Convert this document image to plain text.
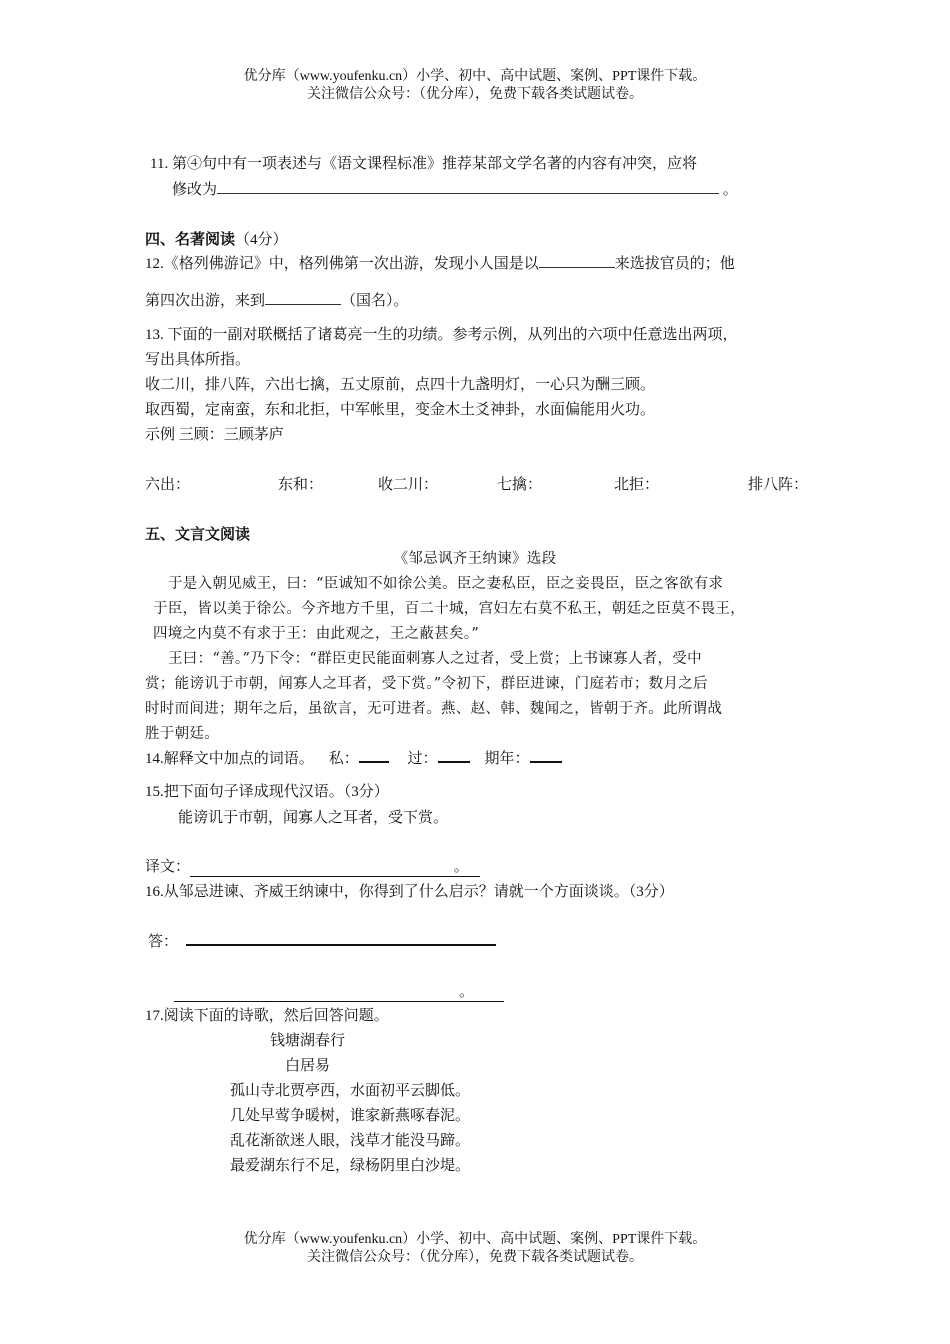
优分库（www.youfenku.cn）小学、初中、高中试题、案例、PPT课件下载。
关注微信公众号：（优分库），免费下载各类试题试卷。
11. 第④句中有一项表述与《语文课程标准》推荐某部文学名著的内容有冲突，应将
修改为	。
四、名著阅读（4分）
12.《格列佛游记》中，格列佛第一次出游，发现小人国是以	来选拔官员的；他
第四次出游，来到	（国名）。
13. 下面的一副对联概括了诸葛亮一生的功绩。参考示例，从列出的六项中任意选出两项，
写出具体所指。
收二川，排八阵，六出七擒，五丈原前，点四十九盏明灯，一心只为酬三顾。
取西蜀，定南蛮，东和北拒，中军帐里，变金木土爻神卦，水面偏能用火功。
示例 三顾：三顾茅庐
六出：	东和：	收二川：	七擒：	北拒：	排八阵：
五、文言文阅读
《邹忌讽齐王纳谏》选段
于是入朝见威王，曰：“臣诚知不如徐公美。臣之妻私臣，臣之妾畏臣，臣之客欲有求
于臣，皆以美于徐公。今齐地方千里，百二十城，宫妇左右莫不私王，朝廷之臣莫不畏王，
四境之内莫不有求于王：由此观之，王之蔽甚矣。”
王曰：“善。”乃下令：“群臣吏民能面刺寡人之过者，受上赏；上书谏寡人者，受中
赏；能谤讥于市朝，闻寡人之耳者，受下赏。”令初下，群臣进谏，门庭若市；数月之后
时时而间进；期年之后，虽欲言，无可进者。燕、赵、韩、魏闻之，皆朝于齐。此所谓战
胜于朝廷。
14.解释文中加点的词语。 私：	过：	期年：
15.把下面句子译成现代汉语。（3分）
能谤讥于市朝，闻寡人之耳者，受下赏。
译文：	。
16.从邹忌进谏、齐威王纳谏中，你得到了什么启示？请就一个方面谈谈。（3分）
答：
。
17.阅读下面的诗歌，然后回答问题。
钱塘湖春行
白居易
孤山寺北贾亭西，水面初平云脚低。
几处早莺争暖树，谁家新燕啄春泥。
乱花渐欲迷人眼，浅草才能没马蹄。
最爱湖东行不足，绿杨阴里白沙堤。
优分库（www.youfenku.cn）小学、初中、高中试题、案例、PPT课件下载。
关注微信公众号：（优分库），免费下载各类试题试卷。
